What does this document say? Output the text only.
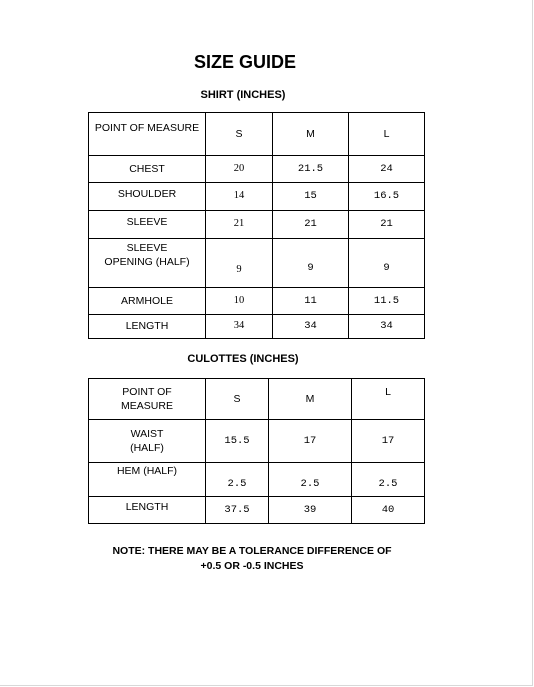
SIZE GUIDE
SHIRT (INCHES)
POINT OF MEASURE	S	M	L
CHEST	20	21.5	24
SHOULDER	14	15	16.5
SLEEVE	21	21	21

SLEEVE
OPENING (HALF)	9	9	9
ARMHOLE	10	11	11.5
LENGTH	34	34	34
CULOTTES (INCHES)
POINT OF
MEASURE	S	M	L

WAIST
(HALF)	15.5	17	17
HEM (HALF)	2.5	2.5	2.5
LENGTH	37.5	39	40
NOTE: THERE MAY BE A TOLERANCE DIFFERENCE OF
+0.5 OR -0.5 INCHES
